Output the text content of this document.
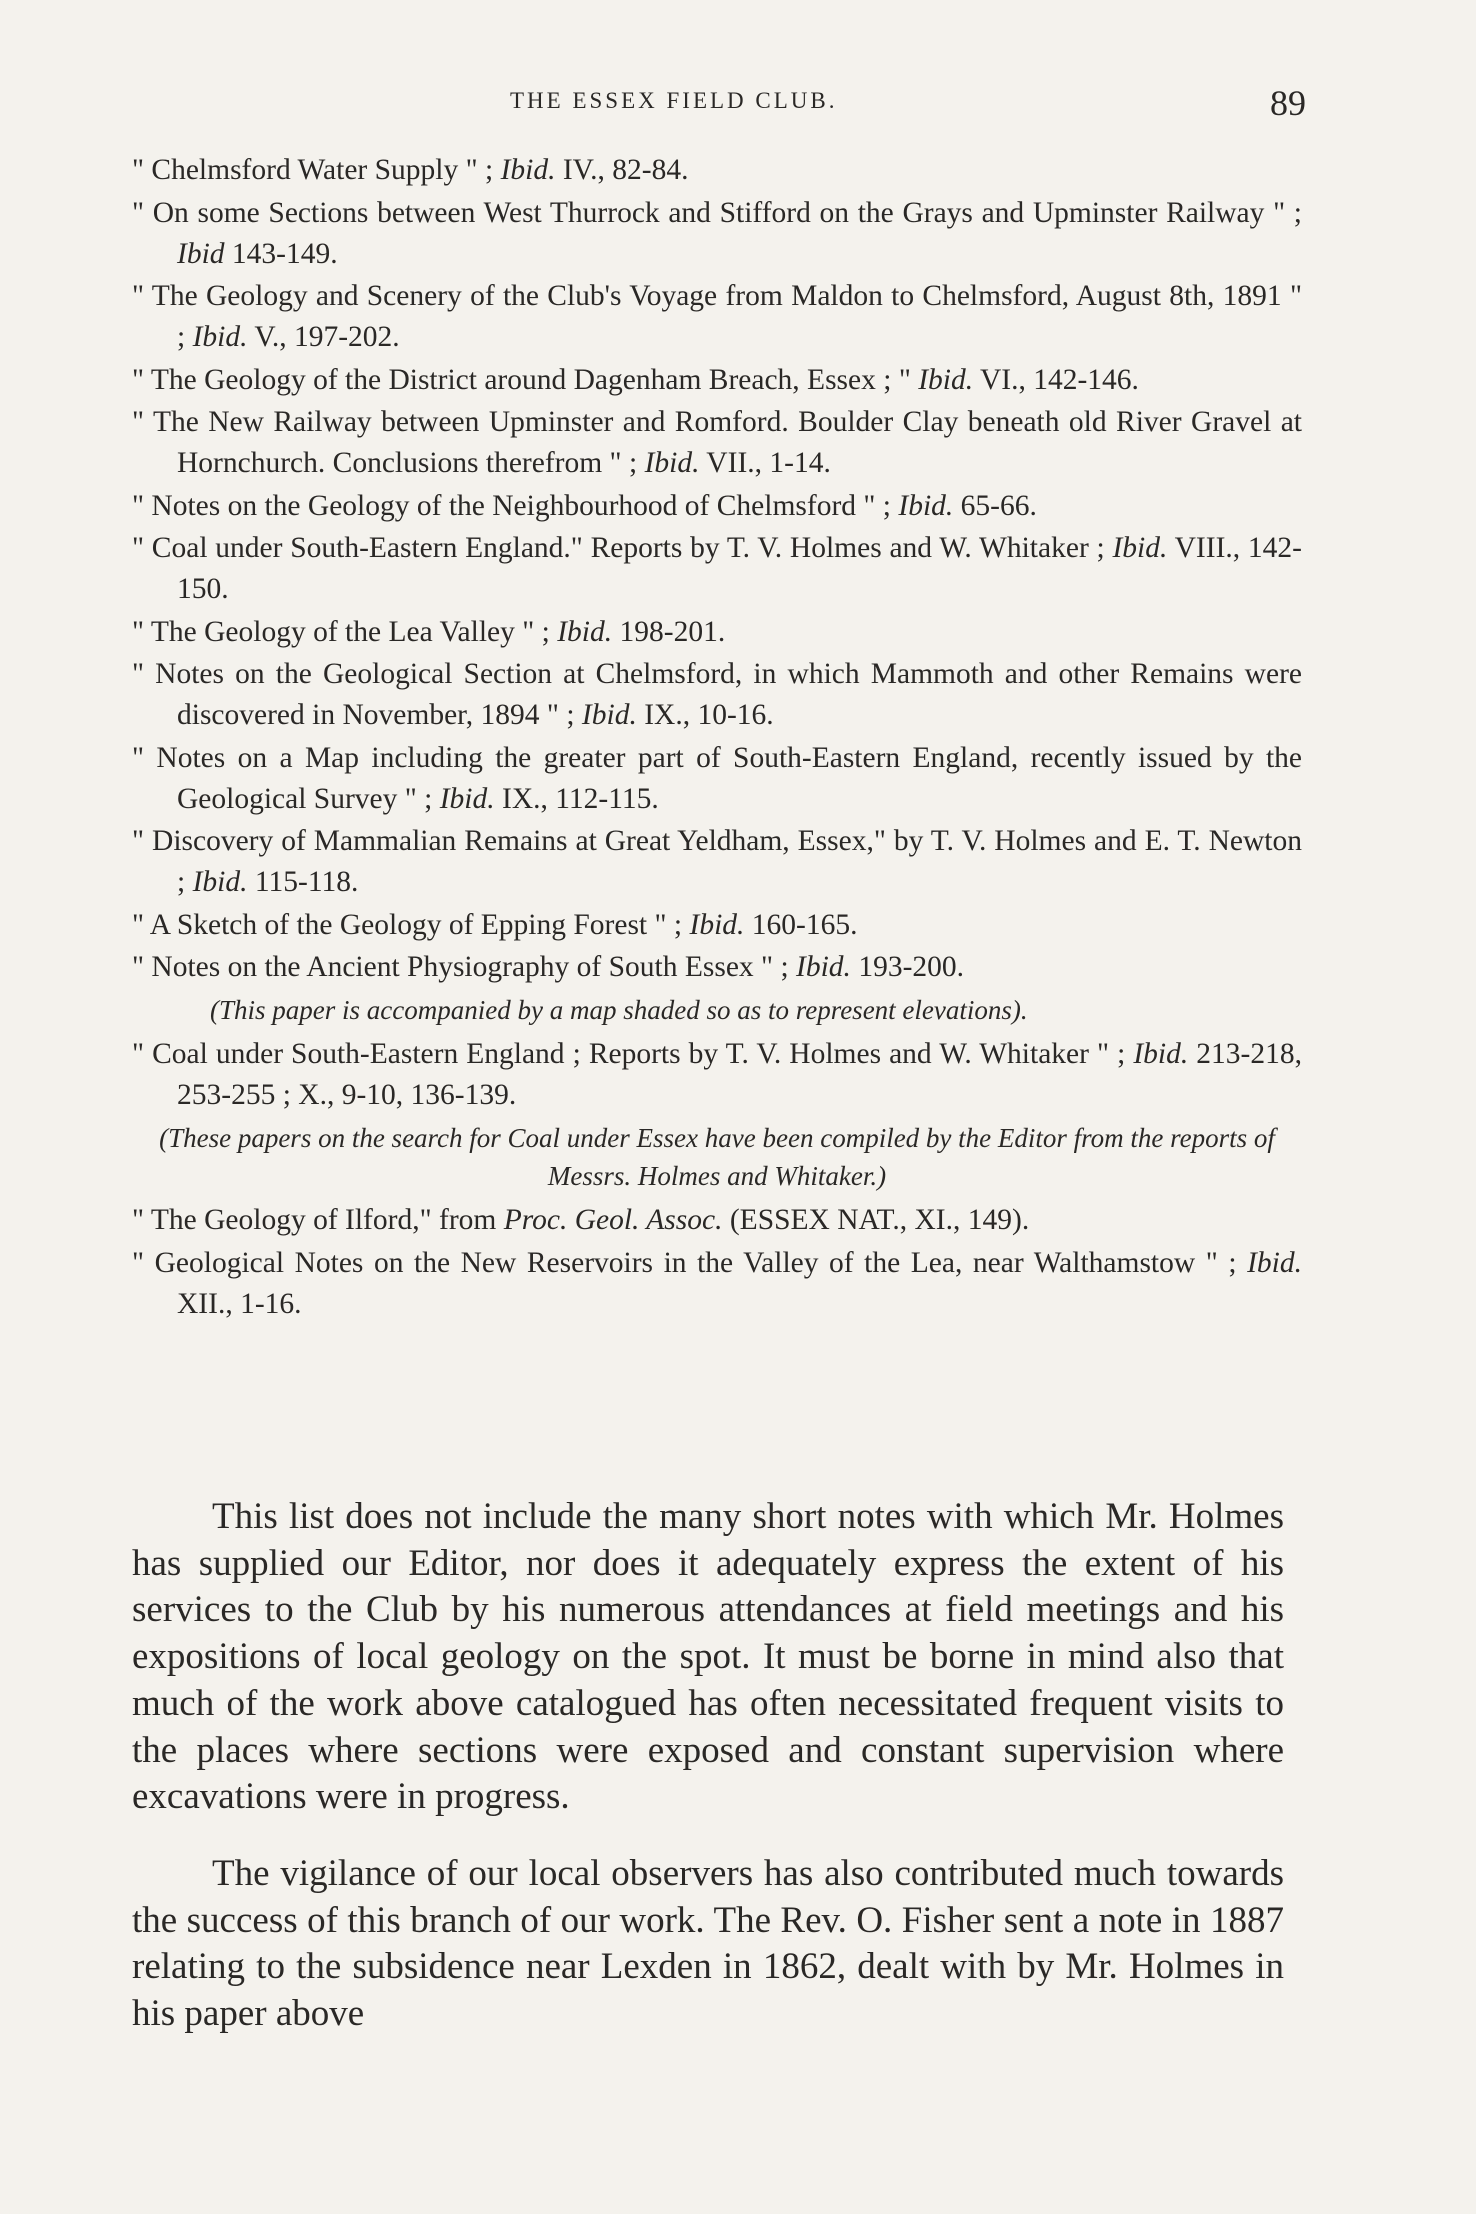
THE ESSEX FIELD CLUB.	89

" Chelmsford Water Supply " ; Ibid. IV., 82-84.

" On some Sections between West Thurrock and Stifford on the Grays and Upminster Railway " ; Ibid 143-149.

" The Geology and Scenery of the Club's Voyage from Maldon to Chelmsford, August 8th, 1891 " ; Ibid. V., 197-202.

" The Geology of the District around Dagenham Breach, Essex ; " Ibid. VI., 142-146.

" The New Railway between Upminster and Romford. Boulder Clay beneath old River Gravel at Hornchurch. Conclusions therefrom " ; Ibid. VII., 1-14.

" Notes on the Geology of the Neighbourhood of Chelmsford " ; Ibid. 65-66.

" Coal under South-Eastern England." Reports by T. V. Holmes and W. Whitaker ; Ibid. VIII., 142-150.

" The Geology of the Lea Valley " ; Ibid. 198-201.

" Notes on the Geological Section at Chelmsford, in which Mammoth and other Remains were discovered in November, 1894 " ; Ibid. IX., 10-16.

" Notes on a Map including the greater part of South-Eastern England, recently issued by the Geological Survey " ; Ibid. IX., 112-115.

" Discovery of Mammalian Remains at Great Yeldham, Essex," by T. V. Holmes and E. T. Newton ; Ibid. 115-118.

" A Sketch of the Geology of Epping Forest " ; Ibid. 160-165.

" Notes on the Ancient Physiography of South Essex " ; Ibid. 193-200.

(This paper is accompanied by a map shaded so as to represent elevations).

" Coal under South-Eastern England ; Reports by T. V. Holmes and W. Whitaker " ; Ibid. 213-218, 253-255 ; X., 9-10, 136-139.

(These papers on the search for Coal under Essex have been compiled by the Editor from the reports of Messrs. Holmes and Whitaker.)

" The Geology of Ilford," from Proc. Geol. Assoc. (ESSEX NAT., XI., 149).

" Geological Notes on the New Reservoirs in the Valley of the Lea, near Walthamstow " ; Ibid. XII., 1-16.

This list does not include the many short notes with which Mr. Holmes has supplied our Editor, nor does it adequately express the extent of his services to the Club by his numerous attendances at field meetings and his expositions of local geology on the spot. It must be borne in mind also that much of the work above catalogued has often necessitated frequent visits to the places where sections were exposed and constant supervision where excavations were in progress.

The vigilance of our local observers has also contributed much towards the success of this branch of our work. The Rev. O. Fisher sent a note in 1887 relating to the subsidence near Lexden in 1862, dealt with by Mr. Holmes in his paper above
